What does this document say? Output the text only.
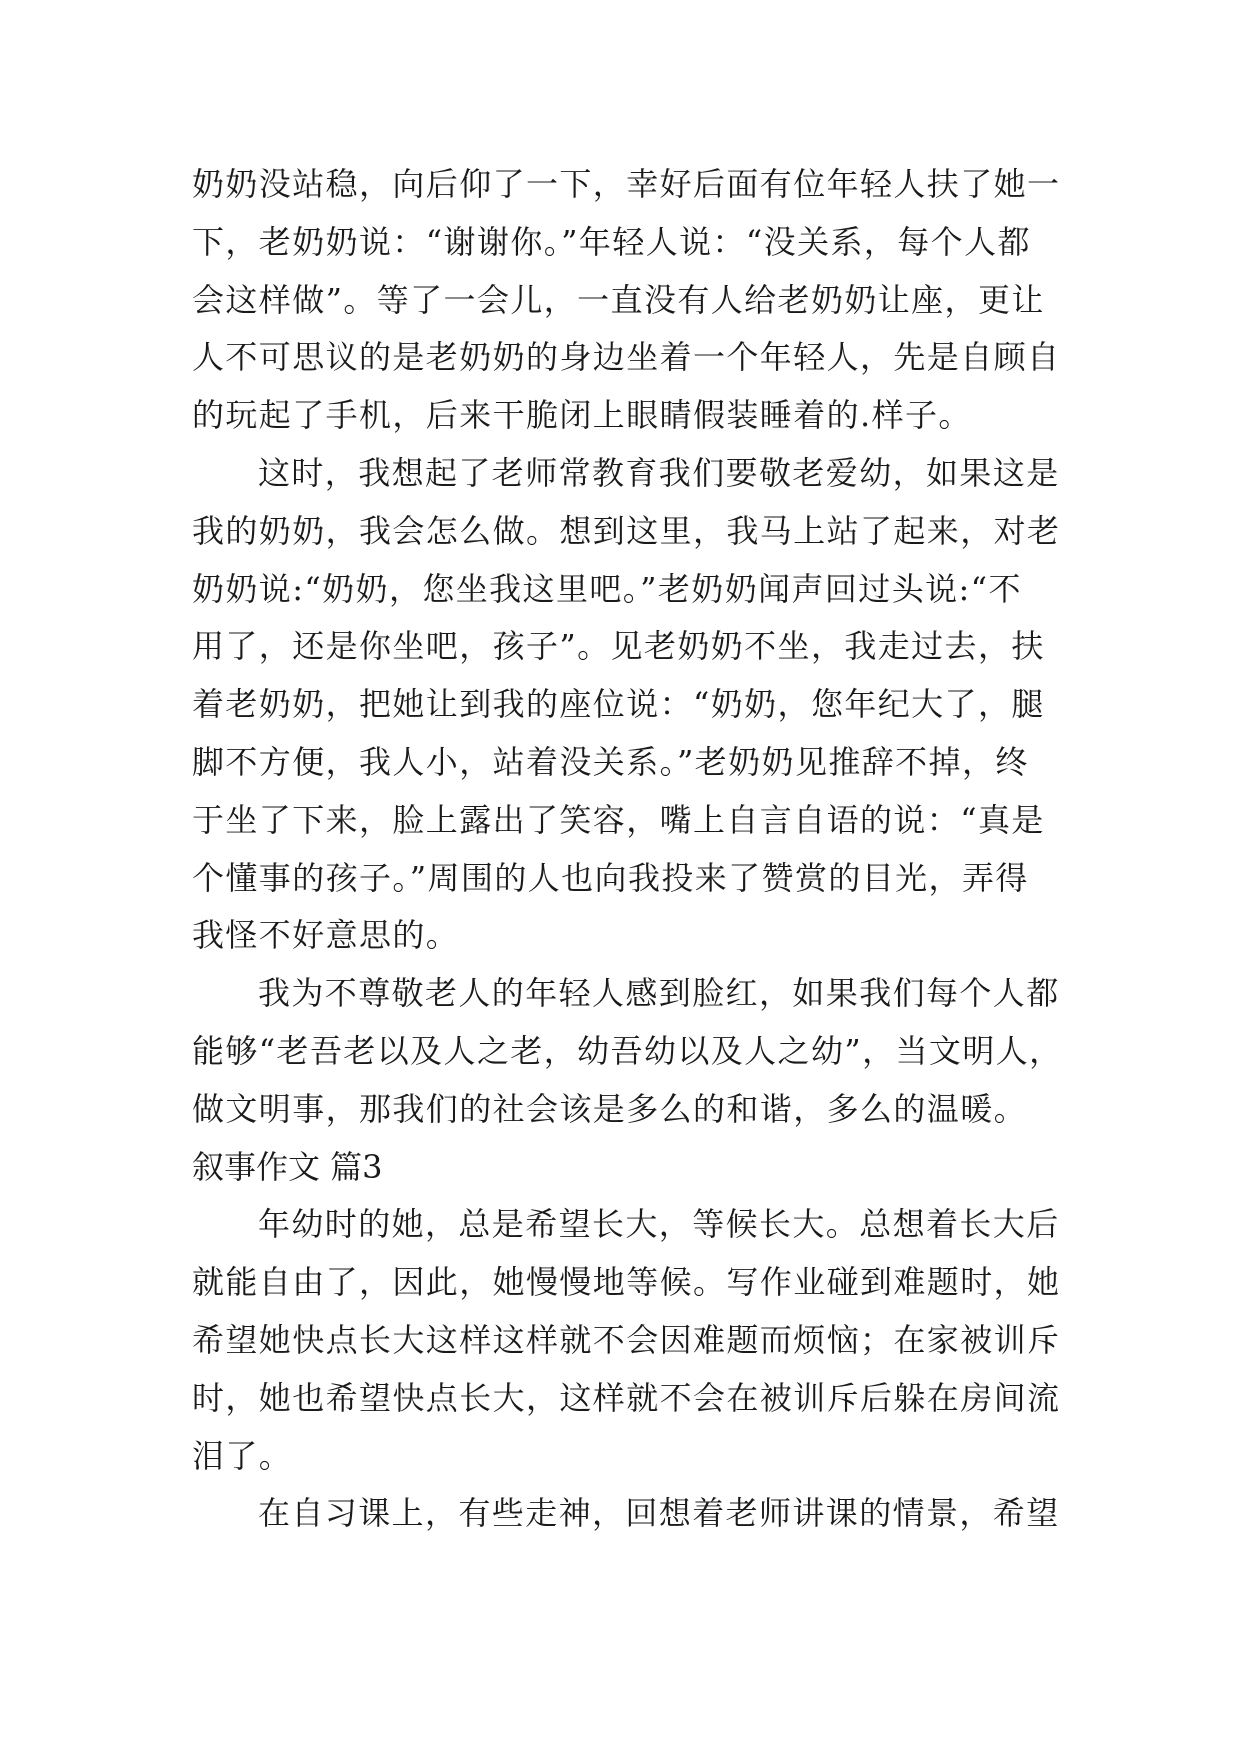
奶奶没站稳，向后仰了一下，幸好后面有位年轻人扶了她一
下，老奶奶说：“谢谢你。”年轻人说：“没关系，每个人都
会这样做”。等了一会儿，一直没有人给老奶奶让座，更让
人不可思议的是老奶奶的身边坐着一个年轻人，先是自顾自
的玩起了手机，后来干脆闭上眼睛假装睡着的.样子。
这时，我想起了老师常教育我们要敬老爱幼，如果这是
我的奶奶，我会怎么做。想到这里，我马上站了起来，对老
奶奶说:“奶奶，您坐我这里吧。”老奶奶闻声回过头说:“不
用了，还是你坐吧，孩子”。见老奶奶不坐，我走过去，扶
着老奶奶，把她让到我的座位说：“奶奶，您年纪大了，腿
脚不方便，我人小，站着没关系。”老奶奶见推辞不掉，终
于坐了下来，脸上露出了笑容，嘴上自言自语的说：“真是
个懂事的孩子。”周围的人也向我投来了赞赏的目光，弄得
我怪不好意思的。
我为不尊敬老人的年轻人感到脸红，如果我们每个人都
能够“老吾老以及人之老，幼吾幼以及人之幼”，当文明人，
做文明事，那我们的社会该是多么的和谐，多么的温暖。
叙事作文 篇3
年幼时的她，总是希望长大，等候长大。总想着长大后
就能自由了，因此，她慢慢地等候。写作业碰到难题时，她
希望她快点长大这样这样就不会因难题而烦恼；在家被训斥
时，她也希望快点长大，这样就不会在被训斥后躲在房间流
泪了。
在自习课上，有些走神，回想着老师讲课的情景，希望
